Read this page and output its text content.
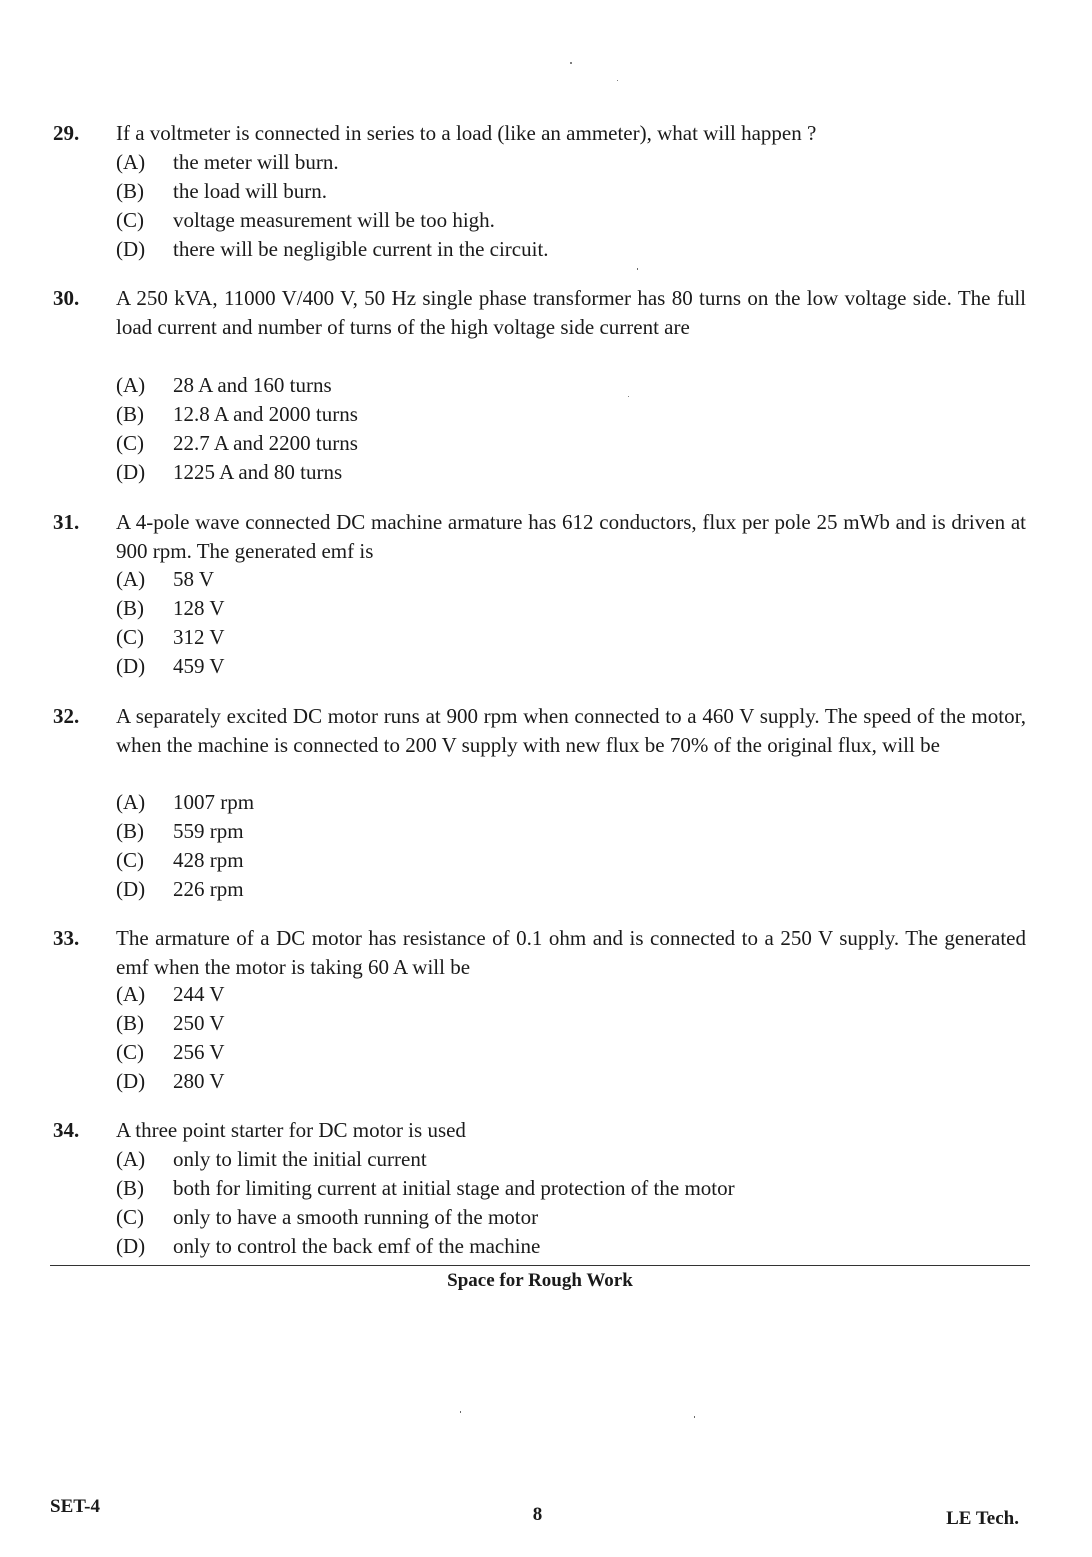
29. If a voltmeter is connected in series to a load (like an ammeter), what will happen ?
(A) the meter will burn.
(B) the load will burn.
(C) voltage measurement will be too high.
(D) there will be negligible current in the circuit.
30. A 250 kVA, 11000 V/400 V, 50 Hz single phase transformer has 80 turns on the low voltage side. The full load current and number of turns of the high voltage side current are
(A) 28 A and 160 turns
(B) 12.8 A and 2000 turns
(C) 22.7 A and 2200 turns
(D) 1225 A and 80 turns
31. A 4-pole wave connected DC machine armature has 612 conductors, flux per pole 25 mWb and is driven at 900 rpm. The generated emf is
(A) 58 V
(B) 128 V
(C) 312 V
(D) 459 V
32. A separately excited DC motor runs at 900 rpm when connected to a 460 V supply. The speed of the motor, when the machine is connected to 200 V supply with new flux be 70% of the original flux, will be
(A) 1007 rpm
(B) 559 rpm
(C) 428 rpm
(D) 226 rpm
33. The armature of a DC motor has resistance of 0.1 ohm and is connected to a 250 V supply. The generated emf when the motor is taking 60 A will be
(A) 244 V
(B) 250 V
(C) 256 V
(D) 280 V
34. A three point starter for DC motor is used
(A) only to limit the initial current
(B) both for limiting current at initial stage and protection of the motor
(C) only to have a smooth running of the motor
(D) only to control the back emf of the machine
Space for Rough Work
SET-4	8	LE Tech.
